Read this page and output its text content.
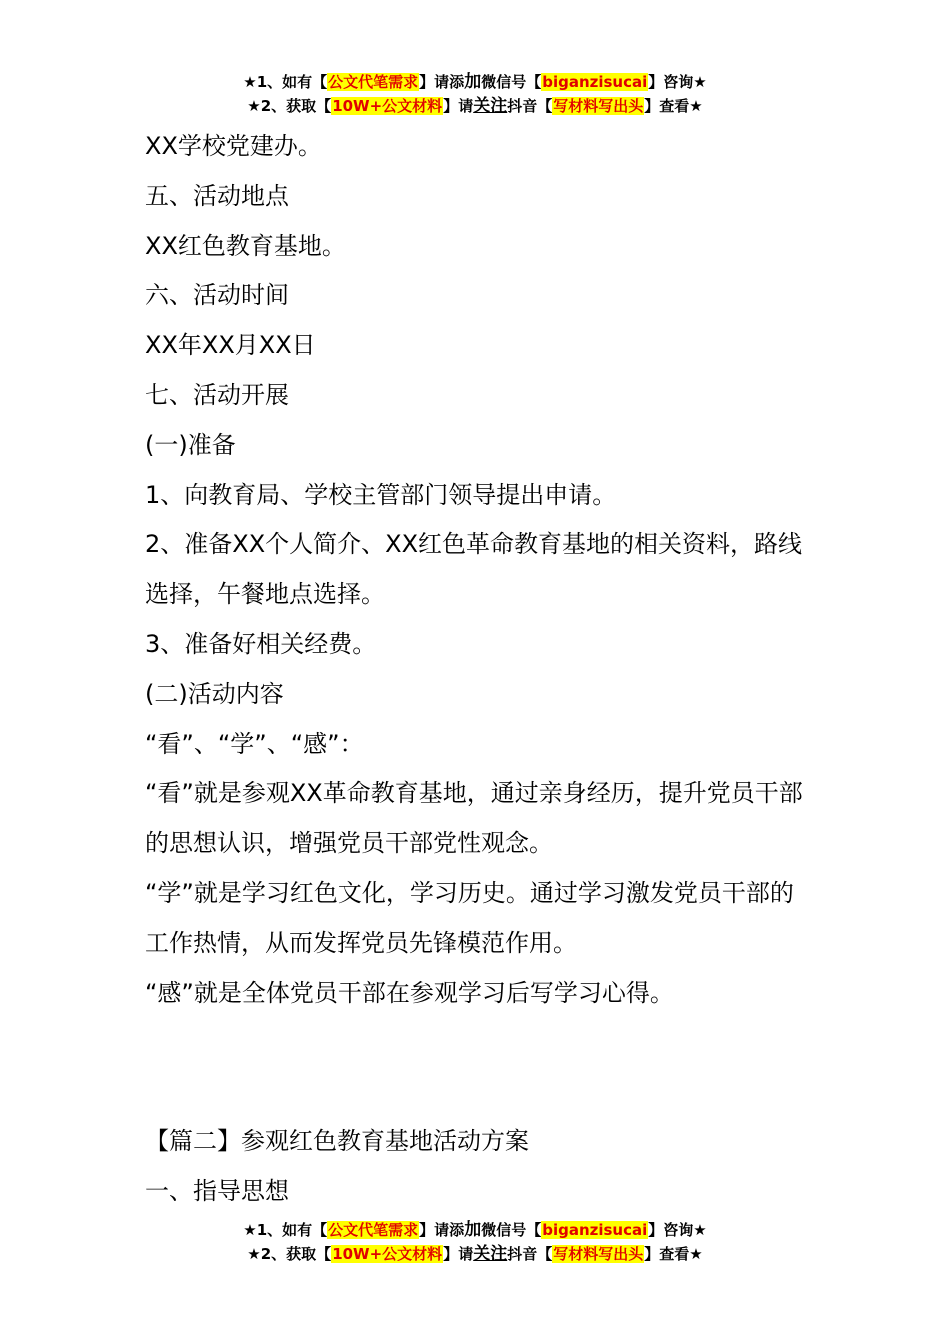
★1、如有【公文代笔需求】请添加微信号【biganzisucai】咨询★
★2、获取【10W+公文材料】请关注抖音【写材料写出头】查看★

XX学校党建办。

五、活动地点

XX红⾊教育基地。

六、活动时间

XX年XX⽉XX⽇

七、活动开展

(⼀)准备

1、向教育局、学校主管部门领导提出申请。

2、准备XX个⼈简介、XX红⾊⾰命教育基地的相关资料，路线选择，午餐地点选择。

3、准备好相关经费。

(⼆)活动内容

“看”、“学”、“感”：

“看”就是参观XX⾰命教育基地，通过亲⾝经历，提升党员⼲部的思想认识，增强党员⼲部党性观念。

“学”就是学习红⾊⽂化，学习历史。通过学习激发党员⼲部的⼯作热情，从⽽发挥党员先锋模范作⽤。

“感”就是全体党员⼲部在参观学习后写学习⼼得。

【篇⼆】参观红⾊教育基地活动⽅案

⼀、指导思想

★1、如有【公文代笔需求】请添加微信号【biganzisucai】咨询★
★2、获取【10W+公文材料】请关注抖音【写材料写出头】查看★
